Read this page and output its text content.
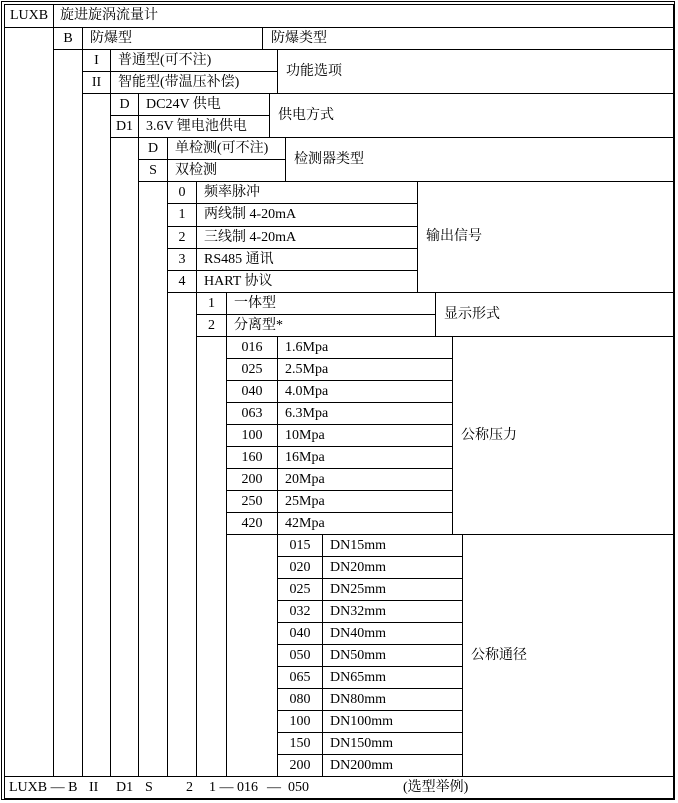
LUXB 旋进旋涡流量计
B	防爆型	防爆类型
I	普通型(可不注)
II	智能型(带温压补偿)
功能选项
D	DC24V 供电
D1 3.6V 锂电池供电
供电方式
D	单检测(可不注)
S	双检测
检测器类型
0	频率脉冲
1	两线制 4-20mA
2	三线制 4-20mA
3	RS485 通讯
4	HART 协议
输出信号
1	一体型
2	分离型*
显示形式
016	1.6Mpa
025	2.5Mpa
040	4.0Mpa
063	6.3Mpa
100	10Mpa
160	16Mpa
200	20Mpa
250	25Mpa
420	42Mpa
公称压力
015	DN15mm
020	DN20mm
025	DN25mm
032	DN32mm
040	DN40mm
050	DN50mm
065	DN65mm
080	DN80mm
100	DN100mm
150	DN150mm
200	DN200mm
公称通径
LUXB — B II D1 S 2 1 — 016 — 050	(选型举例)
